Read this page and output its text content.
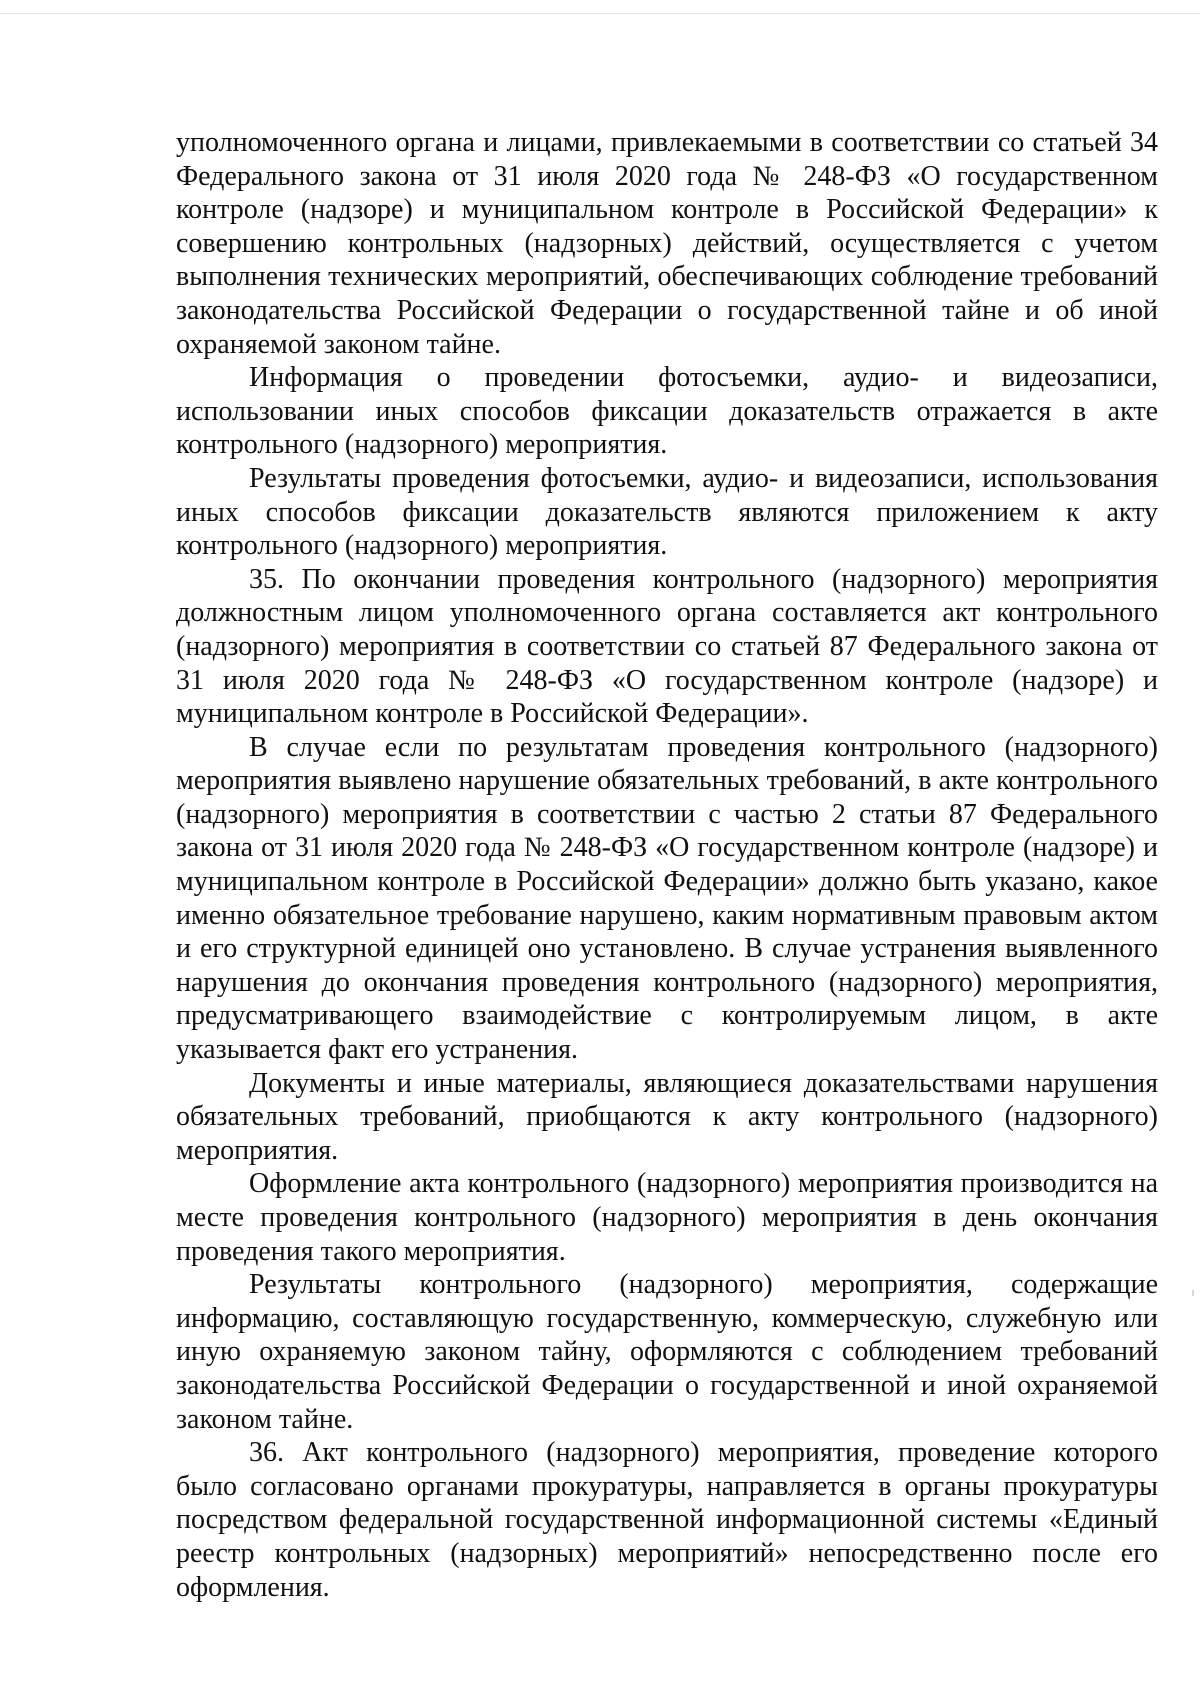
уполномоченного органа и лицами, привлекаемыми в соответствии со статьей 34 Федерального закона от 31 июля 2020 года № 248-ФЗ «О государственном контроле (надзоре) и муниципальном контроле в Российской Федерации» к совершению контрольных (надзорных) действий, осуществляется с учетом выполнения технических мероприятий, обеспечивающих соблюдение требований законодательства Российской Федерации о государственной тайне и об иной охраняемой законом тайне.

Информация о проведении фотосъемки, аудио- и видеозаписи, использовании иных способов фиксации доказательств отражается в акте контрольного (надзорного) мероприятия.

Результаты проведения фотосъемки, аудио- и видеозаписи, использования иных способов фиксации доказательств являются приложением к акту контрольного (надзорного) мероприятия.

35. По окончании проведения контрольного (надзорного) мероприятия должностным лицом уполномоченного органа составляется акт контрольного (надзорного) мероприятия в соответствии со статьей 87 Федерального закона от 31 июля 2020 года № 248-ФЗ «О государственном контроле (надзоре) и муниципальном контроле в Российской Федерации».

В случае если по результатам проведения контрольного (надзорного) мероприятия выявлено нарушение обязательных требований, в акте контрольного (надзорного) мероприятия в соответствии с частью 2 статьи 87 Федерального закона от 31 июля 2020 года № 248-ФЗ «О государственном контроле (надзоре) и муниципальном контроле в Российской Федерации» должно быть указано, какое именно обязательное требование нарушено, каким нормативным правовым актом и его структурной единицей оно установлено. В случае устранения выявленного нарушения до окончания проведения контрольного (надзорного) мероприятия, предусматривающего взаимодействие с контролируемым лицом, в акте указывается факт его устранения.

Документы и иные материалы, являющиеся доказательствами нарушения обязательных требований, приобщаются к акту контрольного (надзорного) мероприятия.

Оформление акта контрольного (надзорного) мероприятия производится на месте проведения контрольного (надзорного) мероприятия в день окончания проведения такого мероприятия.

Результаты контрольного (надзорного) мероприятия, содержащие информацию, составляющую государственную, коммерческую, служебную или иную охраняемую законом тайну, оформляются с соблюдением требований законодательства Российской Федерации о государственной и иной охраняемой законом тайне.

36. Акт контрольного (надзорного) мероприятия, проведение которого было согласовано органами прокуратуры, направляется в органы прокуратуры посредством федеральной государственной информационной системы «Единый реестр контрольных (надзорных) мероприятий» непосредственно после его оформления.
